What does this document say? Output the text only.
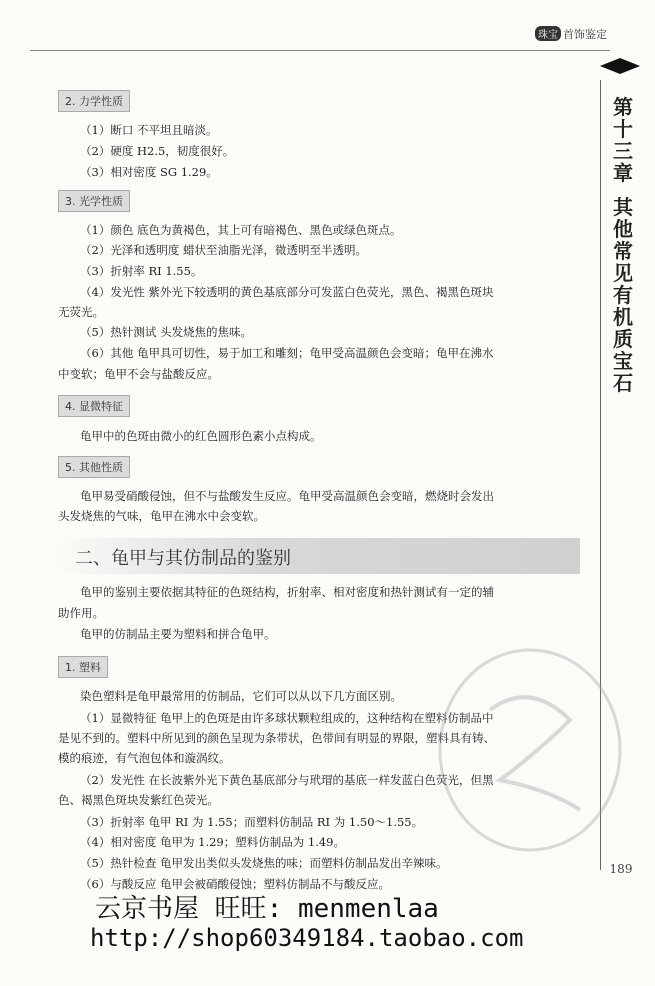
珠宝 首饰鉴定
第十三章
其他常见有机质宝石
189
2. 力学性质
（1）断口 不平坦且暗淡。
（2）硬度 H2.5，韧度很好。
（3）相对密度 SG 1.29。
3. 光学性质
（1）颜色 底色为黄褐色，其上可有暗褐色、黑色或绿色斑点。
（2）光泽和透明度 蜡状至油脂光泽，微透明至半透明。
（3）折射率 RI 1.55。
（4）发光性 紫外光下较透明的黄色基底部分可发蓝白色荧光，黑色、褐黑色斑块
无荧光。
（5）热针测试 头发烧焦的焦味。
（6）其他 龟甲具可切性，易于加工和雕刻；龟甲受高温颜色会变暗；龟甲在沸水
中变软；龟甲不会与盐酸反应。
4. 显微特征
龟甲中的色斑由微小的红色圆形色素小点构成。
5. 其他性质
龟甲易受硝酸侵蚀，但不与盐酸发生反应。龟甲受高温颜色会变暗，燃烧时会发出
头发烧焦的气味，龟甲在沸水中会变软。
二、龟甲与其仿制品的鉴别
龟甲的鉴别主要依据其特征的色斑结构，折射率、相对密度和热针测试有一定的辅
助作用。
龟甲的仿制品主要为塑料和拼合龟甲。
1. 塑料
染色塑料是龟甲最常用的仿制品，它们可以从以下几方面区别。
（1）显微特征 龟甲上的色斑是由许多球状颗粒组成的，这种结构在塑料仿制品中
是见不到的。塑料中所见到的颜色呈现为条带状，色带间有明显的界限，塑料具有铸、
模的痕迹，有气泡包体和漩涡纹。
（2）发光性 在长波紫外光下黄色基底部分与玳瑁的基底一样发蓝白色荧光，但黑
色、褐黑色斑块发紫红色荧光。
（3）折射率 龟甲 RI 为 1.55；而塑料仿制品 RI 为 1.50～1.55。
（4）相对密度 龟甲为 1.29；塑料仿制品为 1.49。
（5）热针检查 龟甲发出类似头发烧焦的味；而塑料仿制品发出辛辣味。
（6）与酸反应 龟甲会被硝酸侵蚀；塑料仿制品不与酸反应。
云京书屋 旺旺: menmenlaa
http://shop60349184.taobao.com
